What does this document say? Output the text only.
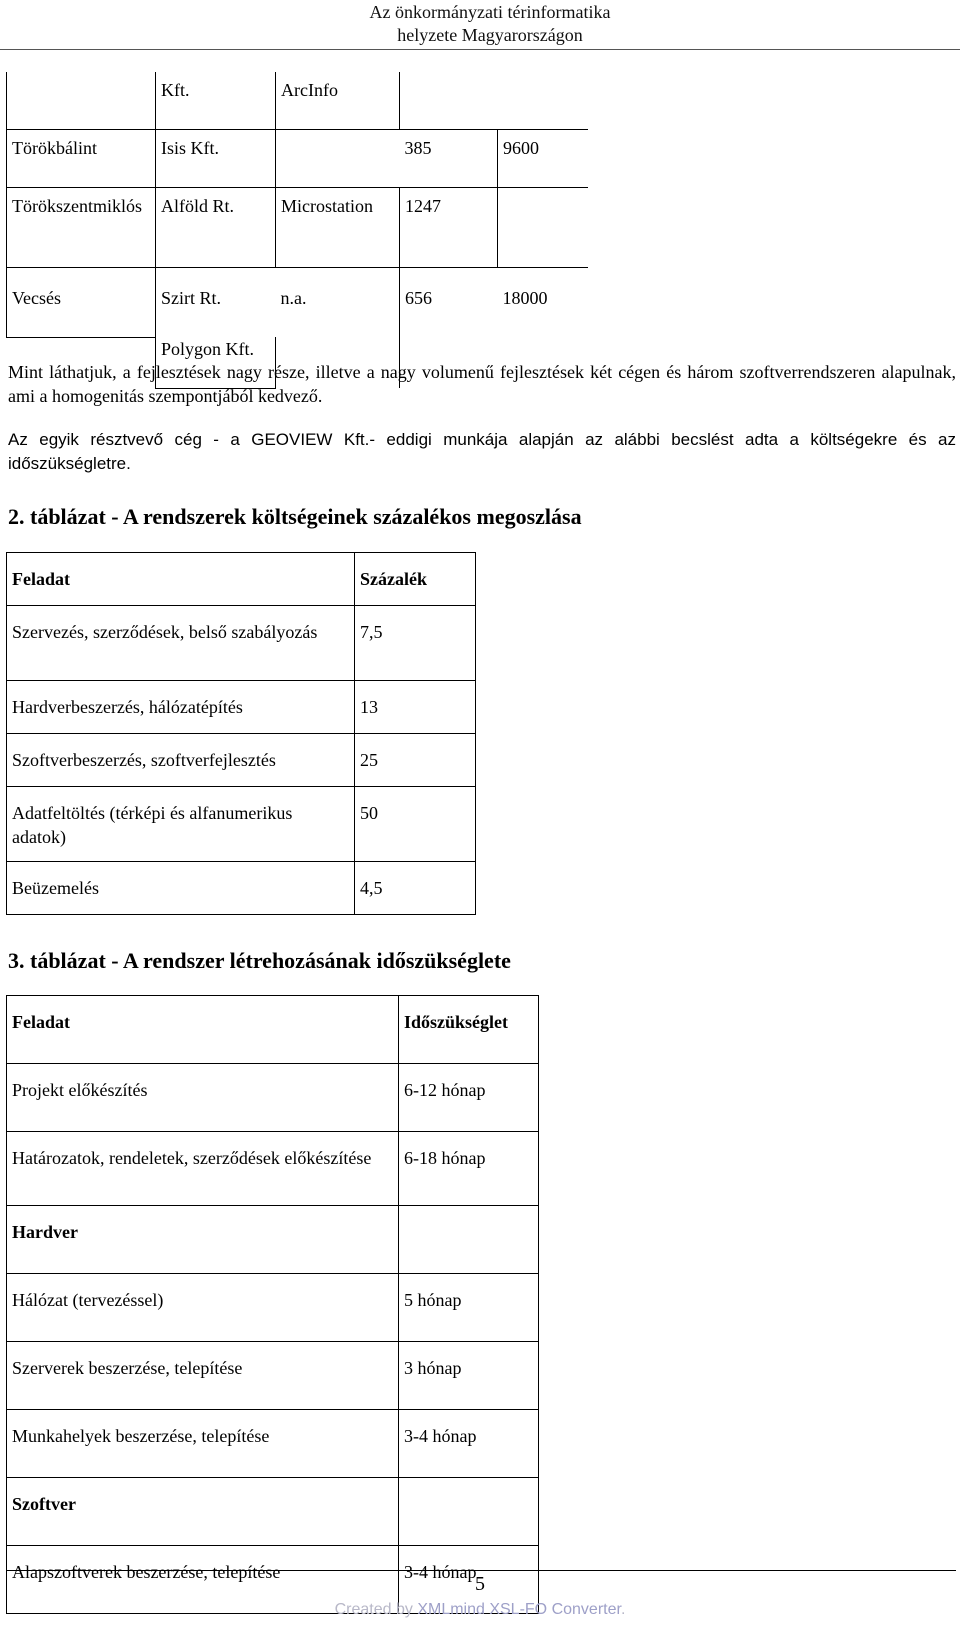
Az önkormányzati térinformatika
helyzete Magyarországon
	Kft.	ArcInfo		
Törökbálint	Isis Kft.		385	9600

Törökszentmiklós	Alföld Rt.	Microstation	1247	
Vecsés	Szirt Rt.	n.a.	656	18000
	Polygon Kft.			
Mint láthatjuk, a fejlesztések nagy része, illetve a nagy volumenű fejlesztések két cégen és három szoftverrendszeren alapulnak, ami a homogenitás szempontjából kedvező.
Az egyik résztvevő cég - a GEOVIEW Kft.- eddigi munkája alapján az alábbi becslést adta a költségekre és az időszükségletre.
2. táblázat - A rendszerek költségeinek százalékos megoszlása
Feladat	Százalék
Szervezés, szerződések, belső szabályozás	7,5
Hardverbeszerzés, hálózatépítés	13
Szoftverbeszerzés, szoftverfejlesztés	25
Adatfeltöltés (térképi és alfanumerikus adatok)	50
Beüzemelés	4,5
3. táblázat - A rendszer létrehozásának időszükséglete
Feladat	Időszükséglet
Projekt előkészítés	6-12 hónap
Határozatok, rendeletek, szerződések előkészítése	6-18 hónap
Hardver	
Hálózat (tervezéssel)	5 hónap
Szerverek beszerzése, telepítése	3 hónap
Munkahelyek beszerzése, telepítése	3-4 hónap
Szoftver	
Alapszoftverek beszerzése, telepítése	3-4 hónap
5
Created by XMLmind XSL-FO Converter.
